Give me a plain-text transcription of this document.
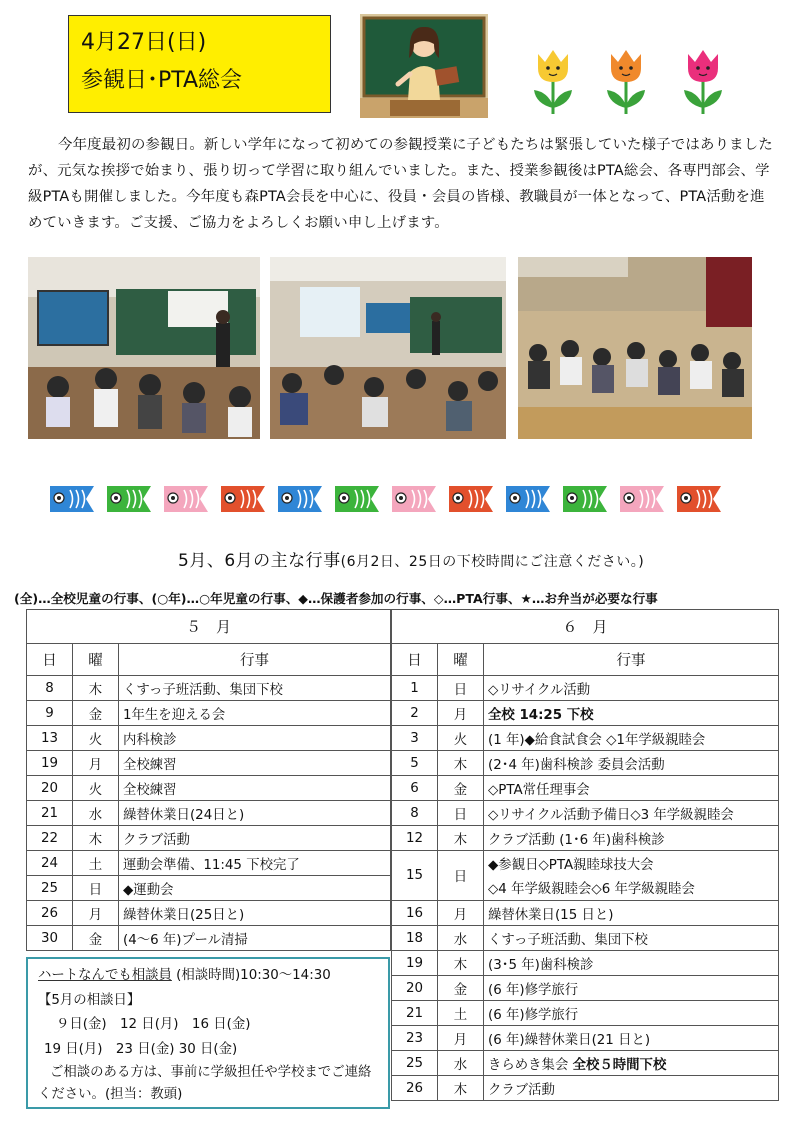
4月27日(日)
参観日･PTA総会
今年度最初の参観日。新しい学年になって初めての参観授業に子どもたちは緊張していた様子ではありましたが、元気な挨拶で始まり、張り切って学習に取り組んでいました。また、授業参観後はPTA総会、各専門部会、学級PTAも開催しました。今年度も森PTA会長を中心に、役員・会員の皆様、教職員が一体となって、PTA活動を進めていきます。ご支援、ご協力をよろしくお願い申し上げます。
5月、6月の主な行事(6月2日、25日の下校時間にご注意ください。)
(全)…全校児童の行事、(○年)…○年児童の行事、◆…保護者参加の行事、◇…PTA行事、★…お弁当が必要な行事
５　月		
日	曜	行事
8	木	くすっ子班活動、集団下校
9	金	1年生を迎える会
13	火	内科検診
19	月	全校練習
20	火	全校練習
21	水	繰替休業日(24日と)
22	木	クラブ活動
24	土	運動会準備、11:45 下校完了
25	日	◆運動会
26	月	繰替休業日(25日と)
30	金	(4～6 年)プール清掃
６　月		
日	曜	行事
1	日	◇リサイクル活動
2	月	全校 14:25 下校
3	火	(1 年)◆給食試食会 ◇1年学級親睦会
5	木	(2･4 年)歯科検診 委員会活動
6	金	◇PTA常任理事会
8	日	◇リサイクル活動予備日◇3 年学級親睦会
12	木	クラブ活動 (1･6 年)歯科検診
15	日	◆参観日◇PTA親睦球技大会
		◇4 年学級親睦会◇6 年学級親睦会
16	月	繰替休業日(15 日と)
18	水	くすっ子班活動、集団下校
19	木	(3･5 年)歯科検診
20	金	(6 年)修学旅行
21	土	(6 年)修学旅行
23	月	(6 年)繰替休業日(21 日と)
25	水	きらめき集会 全校５時間下校
26	木	クラブ活動
ハートなんでも相談員 (相談時間)10:30～14:30
【5月の相談日】
９日(金)　12 日(月)　16 日(金)
19 日(月)　23 日(金) 30 日(金)
ご相談のある方は、事前に学級担任や学校までご連絡ください。(担当：教頭)
